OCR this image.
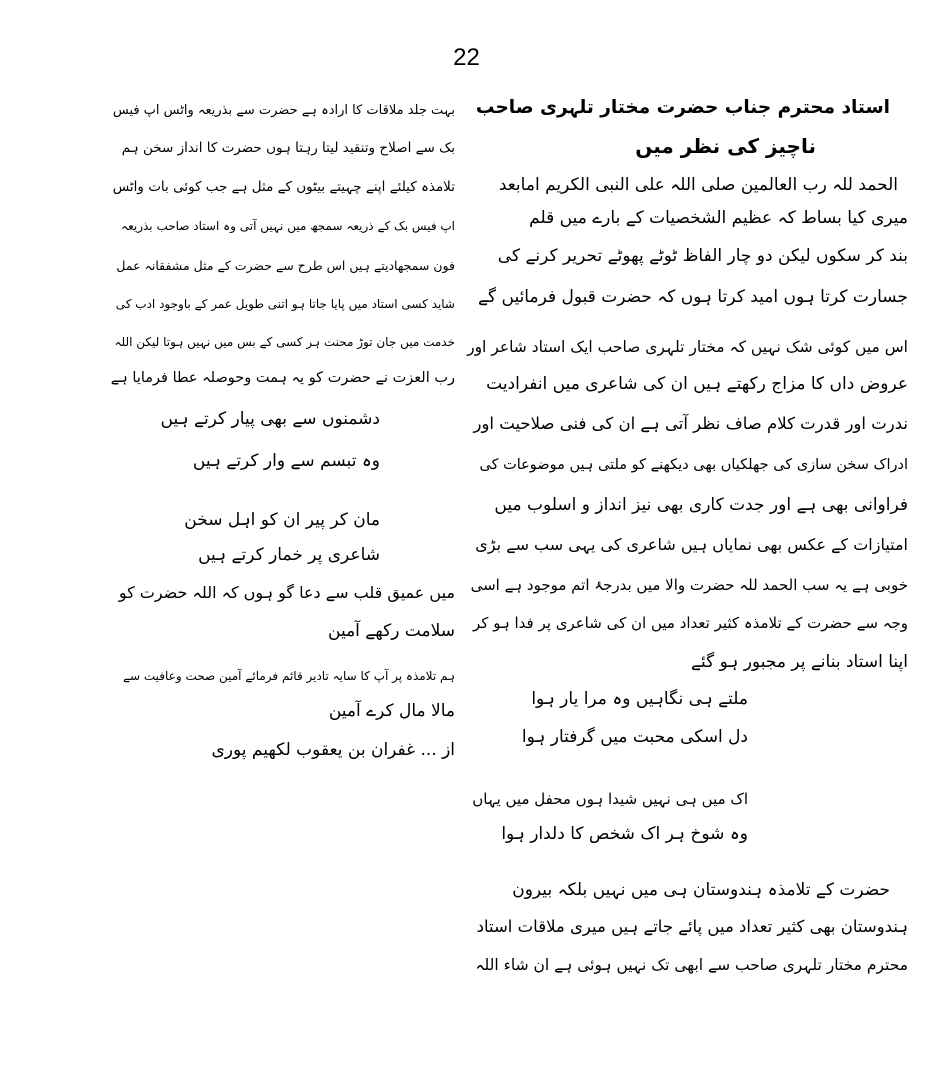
22
استاد محترم جناب حضرت مختار تلہری صاحب
ناچیز کی نظر میں
الحمد للہ رب العالمین صلی اللہ علی النبی الکریم امابعد
میری کیا بساط کہ عظیم الشخصیات کے بارے میں قلم
بند کر سکوں لیکن دو چار الفاظ ٹوٹے پھوٹے تحریر کرنے کی
جسارت کرتا ہوں امید کرتا ہوں کہ حضرت قبول فرمائیں گے
اس میں کوئی شک نہیں کہ مختار تلہری صاحب ایک استاد شاعر اور
عروض داں کا مزاج رکھتے ہیں ان کی شاعری میں انفرادیت
ندرت اور قدرت کلام صاف نظر آتی ہے ان کی فنی صلاحیت اور
ادراک سخن سازی کی جھلکیاں بھی دیکھنے کو ملتی ہیں موضوعات کی
فراوانی بھی ہے اور جدت کاری بھی نیز انداز و اسلوب میں
امتیازات کے عکس بھی نمایاں ہیں شاعری کی یہی سب سے بڑی
خوبی ہے یہ سب الحمد للہ حضرت والا میں بدرجۂ اتم موجود ہے اسی
وجہ سے حضرت کے تلامذہ کثیر تعداد میں ان کی شاعری پر فدا ہو کر
اپنا استاد بنانے پر مجبور ہو گئے
ملتے ہی نگاہیں وہ مرا یار ہوا
دل اسکی محبت میں گرفتار ہوا
اک میں ہی نہیں شیدا ہوں محفل میں یہاں
وہ شوخ ہر اک شخص کا دلدار ہوا
حضرت کے تلامذہ ہندوستان ہی میں نہیں بلکہ بیرون
ہندوستان بھی کثیر تعداد میں پائے جاتے ہیں میری ملاقات استاد
محترم مختار تلہری صاحب سے ابھی تک نہیں ہوئی ہے ان شاء اللہ
بہت جلد ملاقات کا ارادہ ہے حضرت سے بذریعہ واٹس اپ فیس
بک سے اصلاح وتنقید لیتا رہتا ہوں حضرت کا انداز سخن ہم
تلامذہ کیلئے اپنے چہیتے بیٹوں کے مثل ہے جب کوئی بات واٹس
اپ فیس بک کے ذریعہ سمجھ میں نہیں آتی وہ استاد صاحب بذریعہ
فون سمجھادیتے ہیں اس طرح سے حضرت کے مثل مشفقانہ عمل
شاید کسی استاد میں پایا جاتا ہو اتنی طویل عمر کے باوجود ادب کی
خدمت میں جان توڑ محنت ہر کسی کے بس میں نہیں ہوتا لیکن اللہ
رب العزت نے حضرت کو یہ ہمت وحوصلہ عطا فرمایا ہے
دشمنوں سے بھی پیار کرتے ہیں
وہ تبسم سے وار کرتے ہیں
مان کر پیر ان کو اہل سخن
شاعری پر خمار کرتے ہیں
میں عمیق قلب سے دعا گو ہوں کہ اللہ حضرت کو
سلامت رکھے آمین
ہم تلامذہ پر آپ کا سایہ تادیر قائم فرمائے آمین صحت وعافیت سے
مالا مال کرے آمین
از ... غفران بن یعقوب لکھیم پوری
